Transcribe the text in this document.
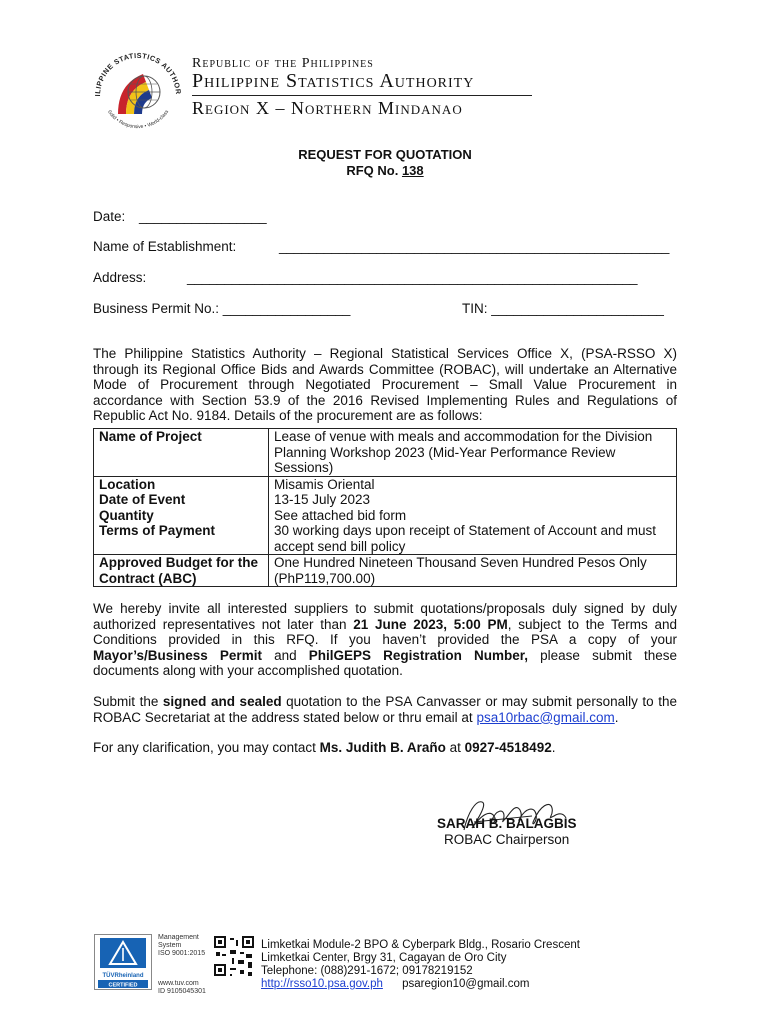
ILIPPINE STATISTICS AUTHOR
Solid • Responsive • World-class
Republic of the Philippines
Philippine Statistics Authority
Region X – Northern Mindanao
REQUEST FOR QUOTATION
RFQ No. 138
Date: _________________
Name of Establishment:	____________________________________________________
Address:	____________________________________________________________
Business Permit No.: _________________	TIN: _______________________
The Philippine Statistics Authority – Regional Statistical Services Office X, (PSA-RSSO X) through its Regional Office Bids and Awards Committee (ROBAC), will undertake an Alternative Mode of Procurement through Negotiated Procurement – Small Value Procurement in accordance with Section 53.9 of the 2016 Revised Implementing Rules and Regulations of Republic Act No. 9184. Details of the procurement are as follows:
Name of Project	Lease of venue with meals and accommodation for the Division Planning Workshop 2023 (Mid-Year Performance Review Sessions)
Location	Misamis Oriental
Date of Event	13-15 July 2023
Quantity	See attached bid form
Terms of Payment	30 working days upon receipt of Statement of Account and must accept send bill policy
Approved Budget for the Contract (ABC)	One Hundred Nineteen Thousand Seven Hundred Pesos Only (PhP119,700.00)
We hereby invite all interested suppliers to submit quotations/proposals duly signed by duly authorized representatives not later than 21 June 2023, 5:00 PM, subject to the Terms and Conditions provided in this RFQ. If you haven’t provided the PSA a copy of your Mayor’s/Business Permit and PhilGEPS Registration Number, please submit these documents along with your accomplished quotation.
Submit the signed and sealed quotation to the PSA Canvasser or may submit personally to the ROBAC Secretariat at the address stated below or thru email at psa10rbac@gmail.com.
For any clarification, you may contact Ms. Judith B. Araño at 0927-4518492.
SARAH B. BALAGBIS
ROBAC Chairperson
TÜVRheinland
CERTIFIED
Management
System
ISO 9001:2015
www.tuv.com
ID 9105045301
Limketkai Module-2 BPO & Cyberpark Bldg., Rosario Crescent
Limketkai Center, Brgy 31, Cagayan de Oro City
Telephone: (088)291-1672; 09178219152
http://rsso10.psa.gov.ph psaregion10@gmail.com
